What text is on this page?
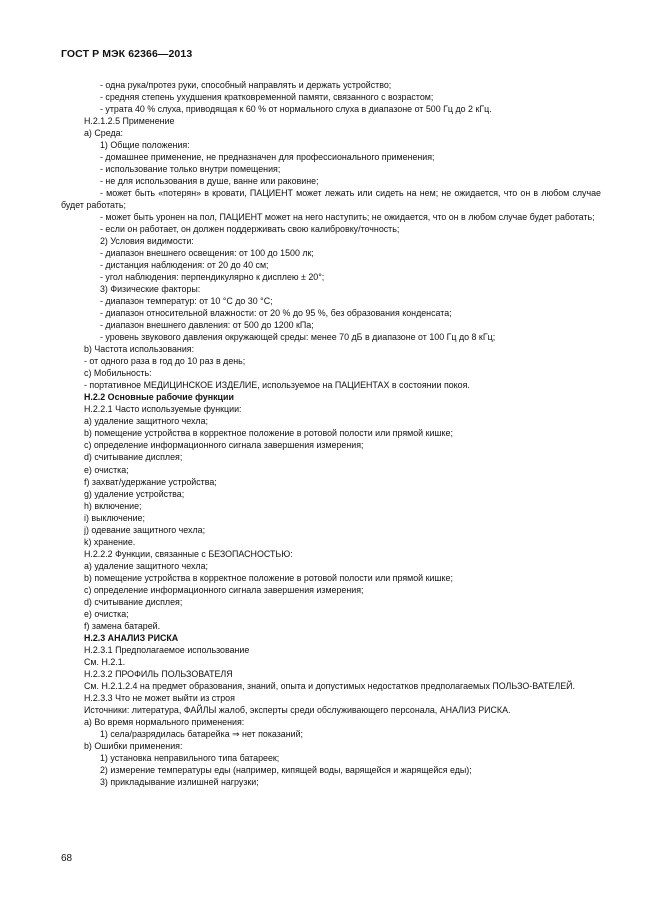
ГОСТ Р МЭК 62366—2013
- одна рука/протез руки, способный направлять и держать устройство;
- средняя степень ухудшения кратковременной памяти, связанного с возрастом;
- утрата 40 % слуха, приводящая к 60 % от нормального слуха в диапазоне от 500 Гц до 2 кГц.
H.2.1.2.5 Применение
a) Среда:
1) Общие положения:
- домашнее применение, не предназначен для профессионального применения;
- использование только внутри помещения;
- не для использования в душе, ванне или раковине;
- может быть «потерян» в кровати, ПАЦИЕНТ может лежать или сидеть на нем; не ожидается, что он в любом случае будет работать;
- может быть уронен на пол, ПАЦИЕНТ может на него наступить; не ожидается, что он в любом случае будет работать;
- если он работает, он должен поддерживать свою калибровку/точность;
2) Условия видимости:
- диапазон внешнего освещения: от 100 до 1500 лк;
- дистанция наблюдения: от 20 до 40 см;
- угол наблюдения: перпендикулярно к дисплею ± 20°;
3) Физические факторы:
- диапазон температур: от 10 °С до 30 °С;
- диапазон относительной влажности: от 20 % до 95 %, без образования конденсата;
- диапазон внешнего давления: от 500 до 1200 кПа;
- уровень звукового давления окружающей среды: менее 70 дБ в диапазоне от 100 Гц до 8 кГц;
b) Частота использования:
- от одного раза в год до 10 раз в день;
c) Мобильность:
- портативное МЕДИЦИНСКОЕ ИЗДЕЛИЕ, используемое на ПАЦИЕНТАХ в состоянии покоя.
H.2.2 Основные рабочие функции
H.2.2.1 Часто используемые функции:
a) удаление защитного чехла;
b) помещение устройства в корректное положение в ротовой полости или прямой кишке;
c) определение информационного сигнала завершения измерения;
d) считывание дисплея;
e) очистка;
f) захват/удержание устройства;
g) удаление устройства;
h) включение;
i) выключение;
j) одевание защитного чехла;
k) хранение.
H.2.2.2 Функции, связанные с БЕЗОПАСНОСТЬЮ:
a) удаление защитного чехла;
b) помещение устройства в корректное положение в ротовой полости или прямой кишке;
c) определение информационного сигнала завершения измерения;
d) считывание дисплея;
e) очистка;
f) замена батарей.
H.2.3 АНАЛИЗ РИСКА
H.2.3.1 Предполагаемое использование
См. H.2.1.
H.2.3.2 ПРОФИЛЬ ПОЛЬЗОВАТЕЛЯ
См. H.2.1.2.4 на предмет образования, знаний, опыта и допустимых недостатков предполагаемых ПОЛЬЗО-ВАТЕЛЕЙ.
H.2.3.3 Что не может выйти из строя
Источники: литература, ФАЙЛЫ жалоб, эксперты среди обслуживающего персонала, АНАЛИЗ РИСКА.
a) Во время нормального применения:
1) села/разрядилась батарейка ⇒ нет показаний;
b) Ошибки применения:
1) установка неправильного типа батареек;
2) измерение температуры еды (например, кипящей воды, варящейся и жарящейся еды);
3) прикладывание излишней нагрузки;
68
